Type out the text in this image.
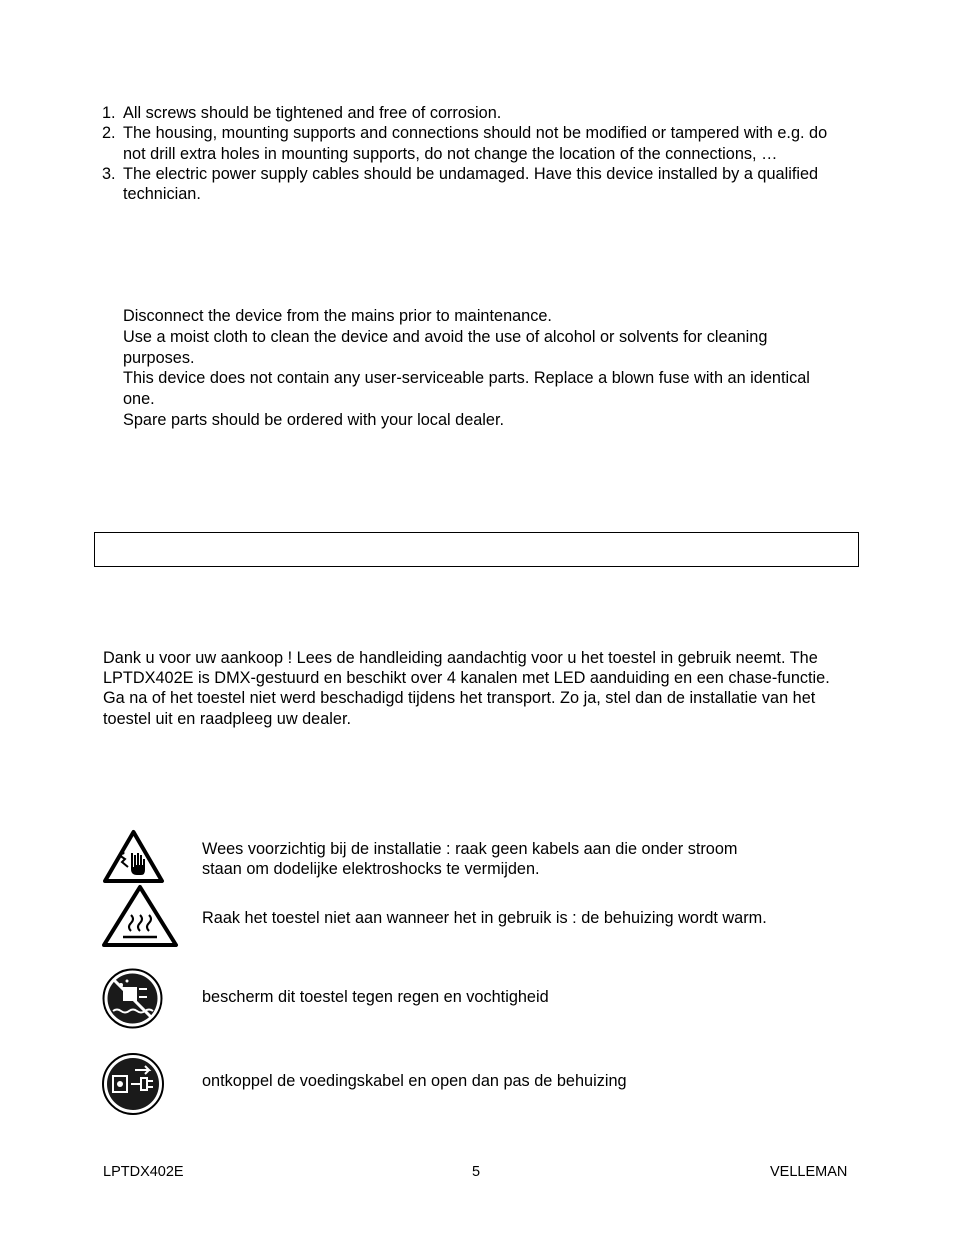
1. All screws should be tightened and free of corrosion.
2. The housing, mounting supports and connections should not be modified or tampered with e.g. do not drill extra holes in mounting supports, do not change the location of the connections, …
3. The electric power supply cables should be undamaged. Have this device installed by a qualified technician.

Disconnect the device from the mains prior to maintenance.

Use a moist cloth to clean the device and avoid the use of alcohol or solvents for cleaning purposes.

This device does not contain any user-serviceable parts. Replace a blown fuse with an identical one.

Spare parts should be ordered with your local dealer.

Dank u voor uw aankoop ! Lees de handleiding aandachtig voor u het toestel in gebruik neemt. The LPTDX402E is DMX-gestuurd en beschikt over 4 kanalen met LED aanduiding en een chase-functie.

Ga na of het toestel niet werd beschadigd tijdens het transport. Zo ja, stel dan de installatie van het toestel uit en raadpleeg uw dealer.

Wees voorzichtig bij de installatie : raak geen kabels aan die onder stroom staan om dodelijke elektroshocks te vermijden.
Raak het toestel niet aan wanneer het in gebruik is : de behuizing wordt warm.
bescherm dit toestel tegen regen en vochtigheid
ontkoppel de voedingskabel en open dan pas de behuizing
LPTDX402E	5	VELLEMAN
